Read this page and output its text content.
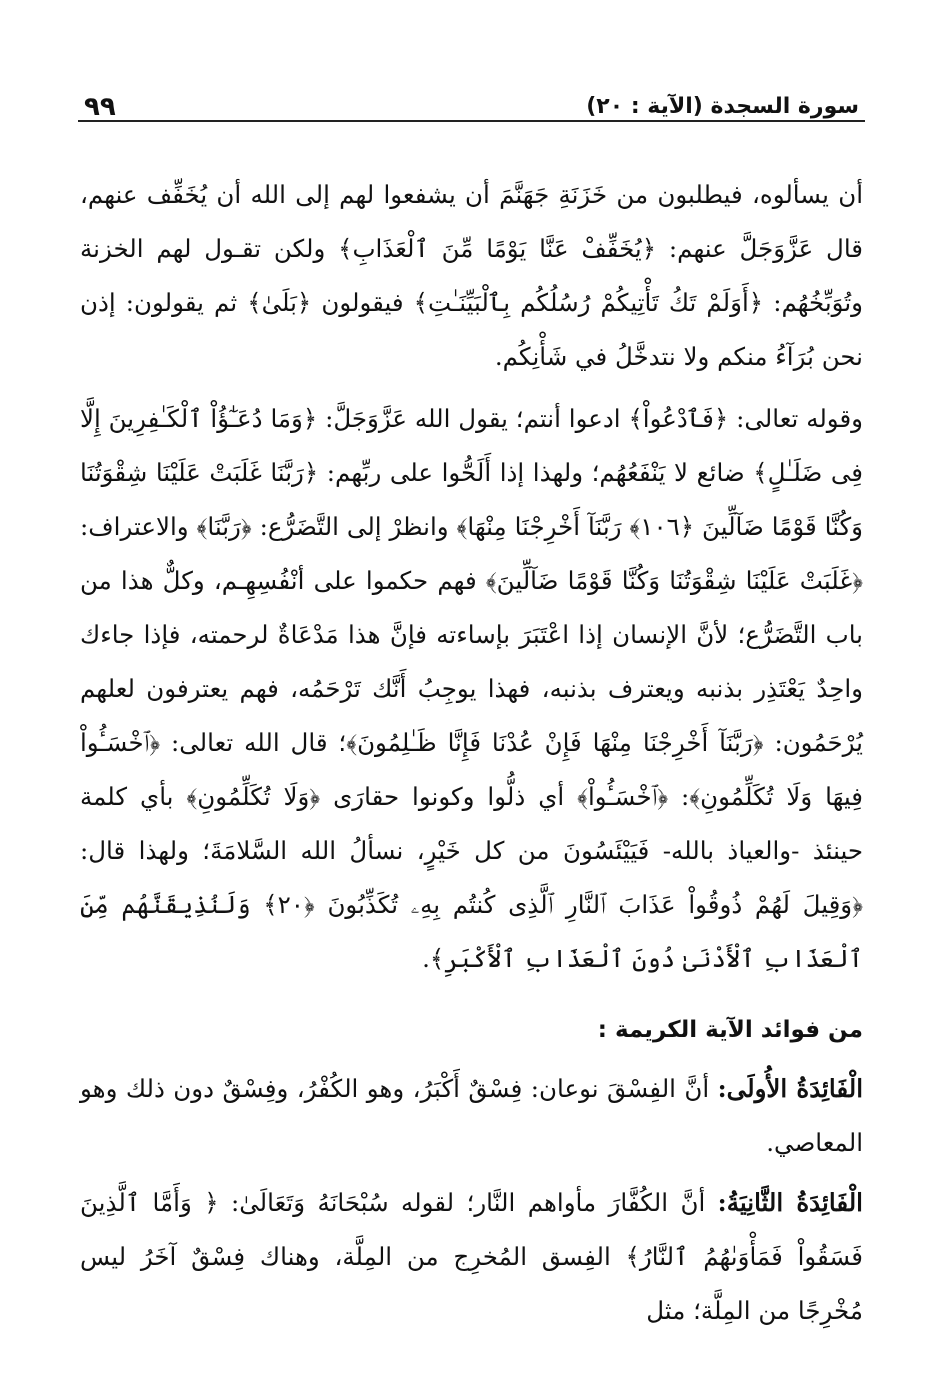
سورة السجدة (الآية : ٢٠)
٩٩

أن يسألوه، فيطلبون من خَزَنَةِ جَهَنَّمَ أن يشفعوا لهم إلى الله أن يُخَفِّف عنهم، قال عَزَّوَجَلَّ عنهم: ﴿يُخَفِّفْ عَنَّا يَوْمًا مِّنَ ٱلْعَذَابِ﴾ ولكن تقـول لهم الخزنة وتُوَبِّخُهُم: ﴿أَوَلَمْ تَكُ تَأْتِيكُمْ رُسُلُكُم بِٱلْبَيِّنَـٰتِ﴾ فيقولون ﴿بَلَىٰ﴾ ثم يقولون: إذن نحن بُرَآءُ منكم ولا نتدخَّلُ في شَأْنِكُم.

وقوله تعالى: ﴿فَٱدْعُواْ﴾ ادعوا أنتم؛ يقول الله عَزَّوَجَلَّ: ﴿وَمَا دُعَـٰٓؤُاْ ٱلْكَـٰفِرِينَ إِلَّا فِى ضَلَـٰلٍ﴾ ضائع لا يَنْفَعُهُم؛ ولهذا إذا أَلَحُّوا على ربِّهم: ﴿رَبَّنَا غَلَبَتْ عَلَيْنَا شِقْوَتُنَا وَكُنَّا قَوْمًا ضَآلِّينَ ﴿١٠٦﴾ رَبَّنَآ أَخْرِجْنَا مِنْهَا﴾ وانظرْ إلى التَّضَرُّع: ﴿رَبَّنَا﴾ والاعتراف: ﴿غَلَبَتْ عَلَيْنَا شِقْوَتُنَا وَكُنَّا قَوْمًا ضَآلِّينَ﴾ فهم حكموا على أنْفُسِهِـم، وكلٌّ هذا من باب التَّضَرُّع؛ لأنَّ الإنسان إذا اعْتَبَرَ بإساءته فإنَّ هذا مَدْعَاةٌ لرحمته، فإذا جاءك واحِدٌ يَعْتَذِر بذنبه ويعترف بذنبه، فهذا يوجِبُ أَنَّك تَرْحَمُه، فهم يعترفون لعلهم يُرْحَمُون: ﴿رَبَّنَآ أَخْرِجْنَا مِنْهَا فَإِنْ عُدْنَا فَإِنَّا ظَـٰلِمُونَ﴾؛ قال الله تعالى: ﴿ٱخْسَـُٔواْ فِيهَا وَلَا تُكَلِّمُونِ﴾: ﴿ٱخْسَـُٔواْ﴾ أي ذلُّوا وكونوا حقارَى ﴿وَلَا تُكَلِّمُونِ﴾ بأي كلمة حينئذ -والعياذ بالله- فَيَيْئَسُونَ من كل خَيْرٍ، نسألُ الله السَّلامَةَ؛ ولهذا قال: ﴿وَقِيلَ لَهُمْ ذُوقُواْ عَذَابَ ٱلنَّارِ ٱلَّذِى كُنتُم بِهِۦ تُكَذِّبُونَ ﴿٢٠﴾ وَلَنُذِيقَنَّهُم مِّنَ ٱلْعَذَابِ ٱلْأَدْنَىٰ دُونَ ٱلْعَذَابِ ٱلْأَكْبَرِ﴾.

من فوائد الآية الكريمة :

الْفَائِدَةُ الأُولَى: أنَّ الفِسْقَ نوعان: فِسْقٌ أَكْبَرُ، وهو الكُفْرُ، وفِسْقٌ دون ذلك وهو المعاصي.

الْفَائِدَةُ الثَّانِيَةُ: أنَّ الكُفَّارَ مأواهم النَّار؛ لقوله سُبْحَانَهُ وَتَعَالَىٰ: ﴿ وَأَمَّا ٱلَّذِينَ فَسَقُواْ فَمَأْوَىٰهُمُ ٱلنَّارُ﴾ الفِسق المُخرِج من المِلَّة، وهناك فِسْقٌ آخَرُ ليس مُخْرِجًا من المِلَّة؛ مثل
